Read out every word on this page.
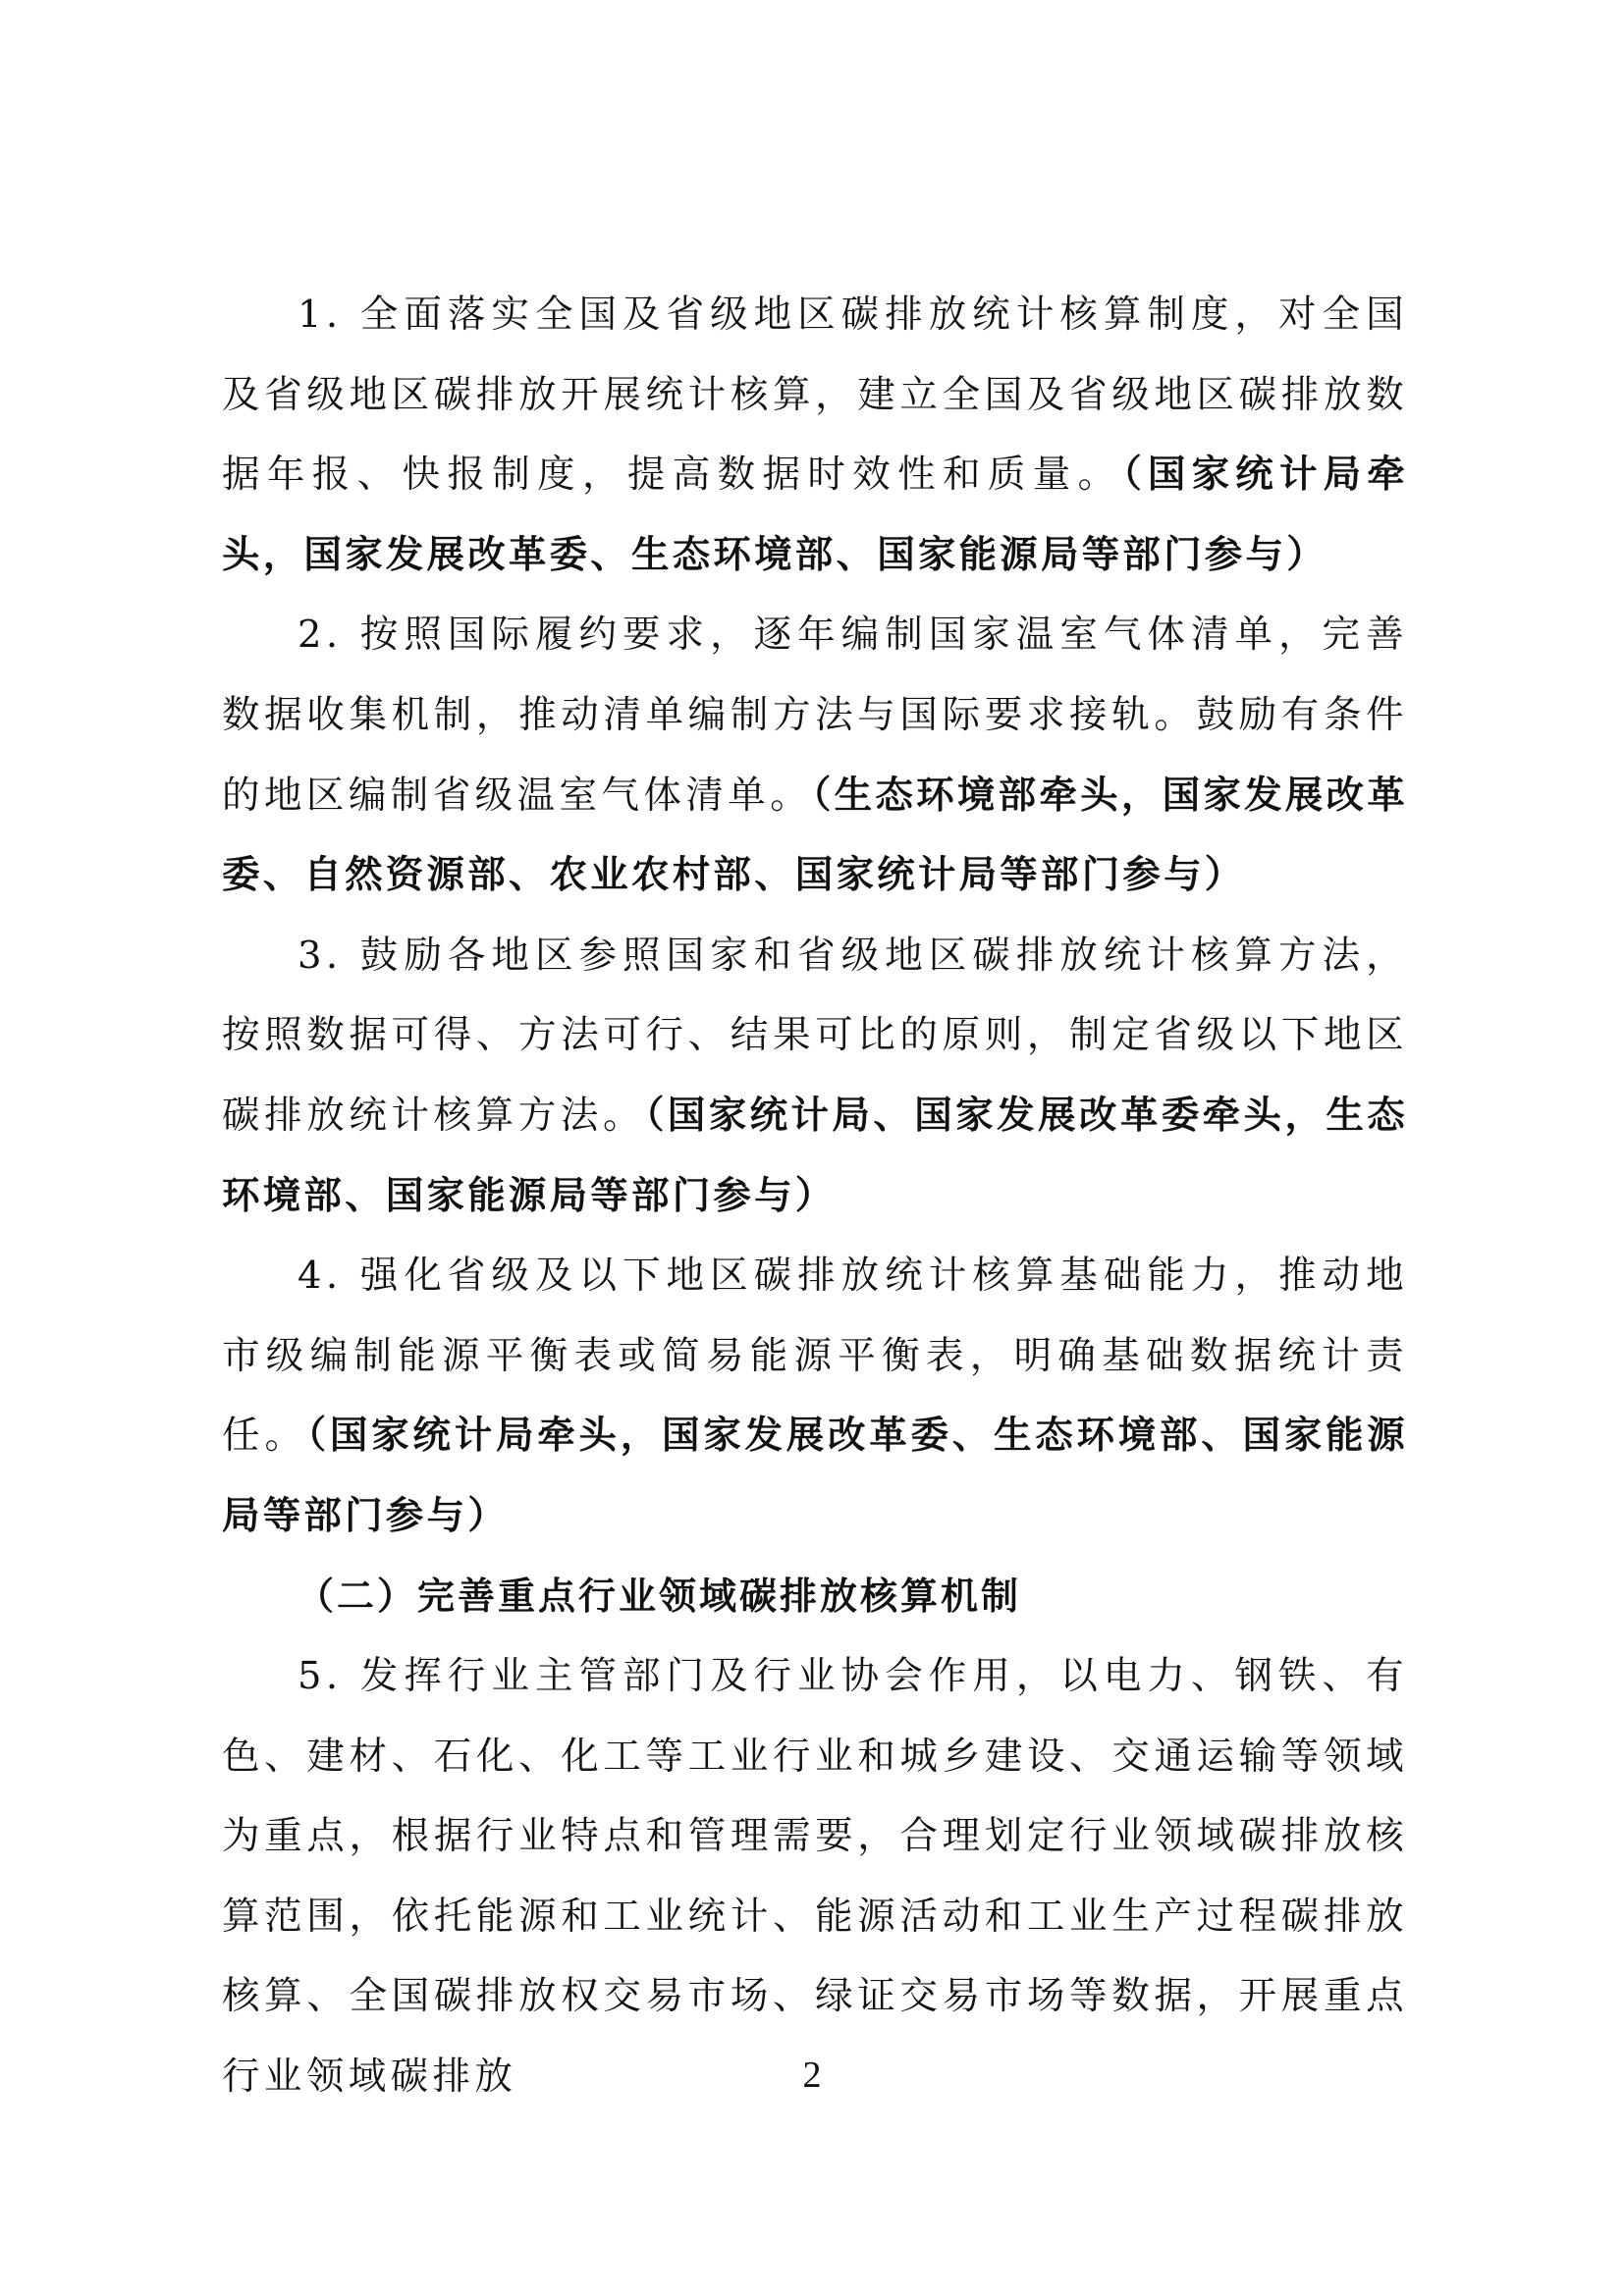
1. 全面落实全国及省级地区碳排放统计核算制度，对全国及省级地区碳排放开展统计核算，建立全国及省级地区碳排放数据年报、快报制度，提高数据时效性和质量。（国家统计局牵头，国家发展改革委、生态环境部、国家能源局等部门参与）

2. 按照国际履约要求，逐年编制国家温室气体清单，完善数据收集机制，推动清单编制方法与国际要求接轨。鼓励有条件的地区编制省级温室气体清单。（生态环境部牵头，国家发展改革委、自然资源部、农业农村部、国家统计局等部门参与）

3. 鼓励各地区参照国家和省级地区碳排放统计核算方法，按照数据可得、方法可行、结果可比的原则，制定省级以下地区碳排放统计核算方法。（国家统计局、国家发展改革委牵头，生态环境部、国家能源局等部门参与）

4. 强化省级及以下地区碳排放统计核算基础能力，推动地市级编制能源平衡表或简易能源平衡表，明确基础数据统计责任。（国家统计局牵头，国家发展改革委、生态环境部、国家能源局等部门参与）

（二）完善重点行业领域碳排放核算机制

5. 发挥行业主管部门及行业协会作用，以电力、钢铁、有色、建材、石化、化工等工业行业和城乡建设、交通运输等领域为重点，根据行业特点和管理需要，合理划定行业领域碳排放核算范围，依托能源和工业统计、能源活动和工业生产过程碳排放核算、全国碳排放权交易市场、绿证交易市场等数据，开展重点行业领域碳排放	2
